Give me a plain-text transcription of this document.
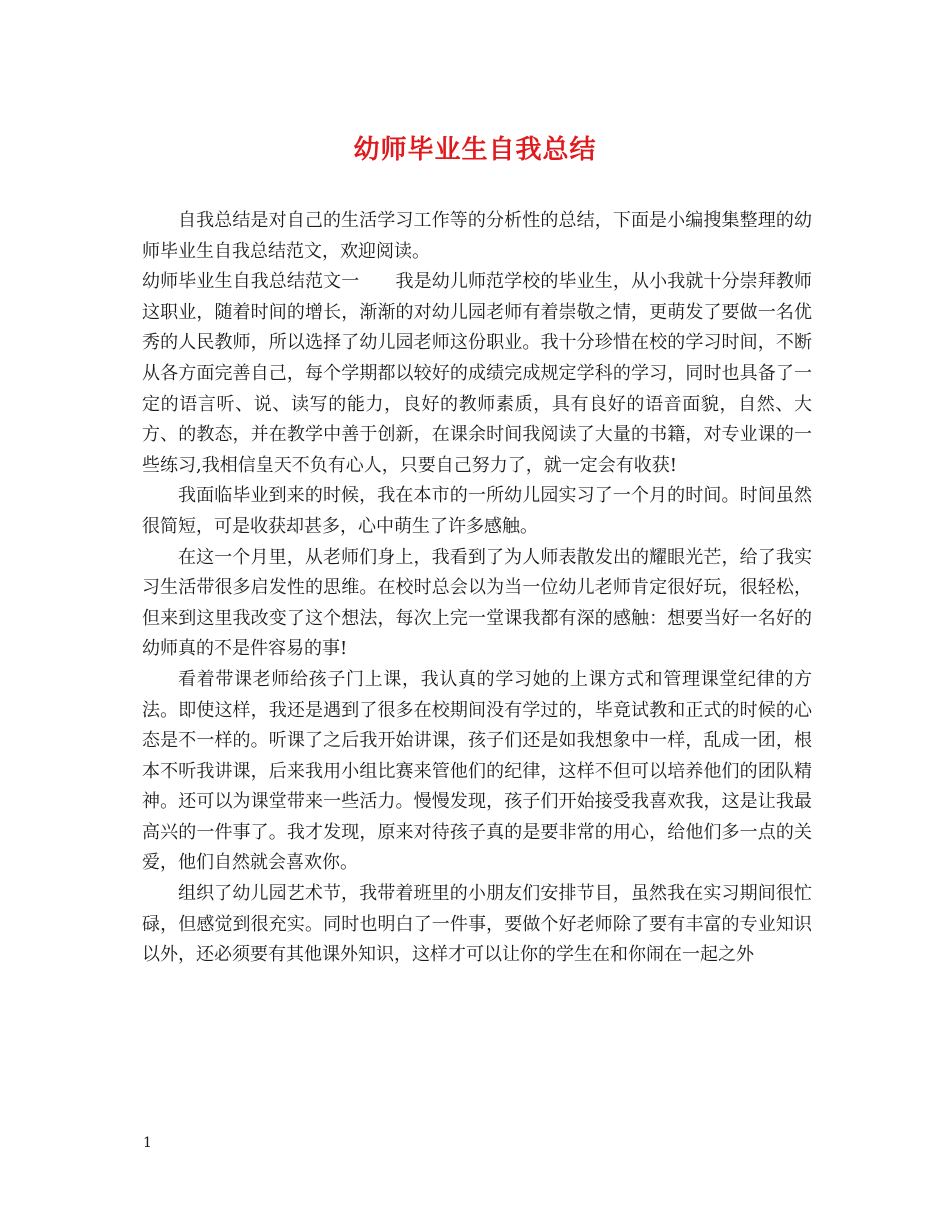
幼师毕业生自我总结

自我总结是对自己的生活学习工作等的分析性的总结，下面是小编搜集整理的幼师毕业生自我总结范文，欢迎阅读。

幼师毕业生自我总结范文一 我是幼儿师范学校的毕业生，从小我就十分崇拜教师这职业，随着时间的增长，渐渐的对幼儿园老师有着崇敬之情，更萌发了要做一名优秀的人民教师，所以选择了幼儿园老师这份职业。我十分珍惜在校的学习时间，不断从各方面完善自己，每个学期都以较好的成绩完成规定学科的学习，同时也具备了一定的语言听、说、读写的能力，良好的教师素质，具有良好的语音面貌，自然、大方、的教态，并在教学中善于创新，在课余时间我阅读了大量的书籍，对专业课的一些练习,我相信皇天不负有心人，只要自己努力了，就一定会有收获!

我面临毕业到来的时候，我在本市的一所幼儿园实习了一个月的时间。时间虽然很简短，可是收获却甚多，心中萌生了许多感触。

在这一个月里，从老师们身上，我看到了为人师表散发出的耀眼光芒，给了我实习生活带很多启发性的思维。在校时总会以为当一位幼儿老师肯定很好玩，很轻松，但来到这里我改变了这个想法，每次上完一堂课我都有深的感触：想要当好一名好的幼师真的不是件容易的事!

看着带课老师给孩子门上课，我认真的学习她的上课方式和管理课堂纪律的方法。即使这样，我还是遇到了很多在校期间没有学过的，毕竟试教和正式的时候的心态是不一样的。听课了之后我开始讲课，孩子们还是如我想象中一样，乱成一团，根本不听我讲课，后来我用小组比赛来管他们的纪律，这样不但可以培养他们的团队精神。还可以为课堂带来一些活力。慢慢发现，孩子们开始接受我喜欢我，这是让我最高兴的一件事了。我才发现，原来对待孩子真的是要非常的用心，给他们多一点的关爱，他们自然就会喜欢你。

组织了幼儿园艺术节，我带着班里的小朋友们安排节目，虽然我在实习期间很忙碌，但感觉到很充实。同时也明白了一件事，要做个好老师除了要有丰富的专业知识以外，还必须要有其他课外知识，这样才可以让你的学生在和你闹在一起之外

1
